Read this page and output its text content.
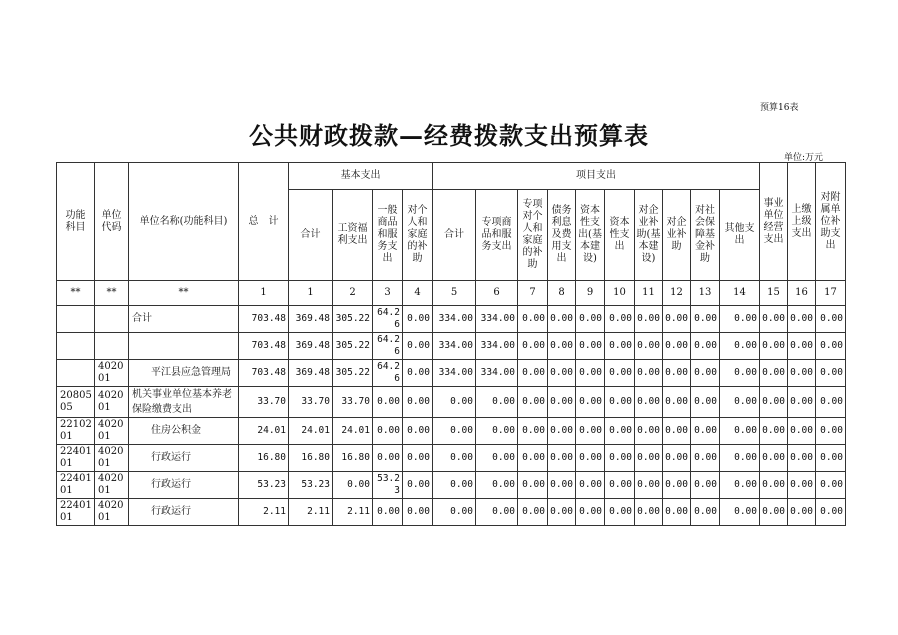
预算16表
公共财政拨款—经费拨款支出预算表
单位:万元
功能科目	单位代码	单位名称(功能科目)	总　计	基本支出				项目支出										事业单位经营支出	上缴上级支出	对附属单位补助支出
				合计	工资福利支出	一般商品和服务支出	对个人和家庭的补助	合计	专项商品和服务支出	专项对个人和家庭的补助	债务利息及费用支出	资本性支出(基本建设)	资本性支出	对企业补助(基本建设)	对企业补助	对社会保障基金补助	其他支出			
**	**	**	1	1	2	3	4	5	6	7	8	9	10	11	12	13	14	15	16	17
		合计	703.48	369.48	305.22	64.26	0.00	334.00	334.00	0.00	0.00	0.00	0.00	0.00	0.00	0.00	0.00	0.00	0.00	0.00
			703.48	369.48	305.22	64.26	0.00	334.00	334.00	0.00	0.00	0.00	0.00	0.00	0.00	0.00	0.00	0.00	0.00	0.00
	402001	平江县应急管理局	703.48	369.48	305.22	64.26	0.00	334.00	334.00	0.00	0.00	0.00	0.00	0.00	0.00	0.00	0.00	0.00	0.00	0.00
2080505	402001	机关事业单位基本养老保险缴费支出	33.70	33.70	33.70	0.00	0.00	0.00	0.00	0.00	0.00	0.00	0.00	0.00	0.00	0.00	0.00	0.00	0.00	0.00
2210201	402001	住房公积金	24.01	24.01	24.01	0.00	0.00	0.00	0.00	0.00	0.00	0.00	0.00	0.00	0.00	0.00	0.00	0.00	0.00	0.00
2240101	402001	行政运行	16.80	16.80	16.80	0.00	0.00	0.00	0.00	0.00	0.00	0.00	0.00	0.00	0.00	0.00	0.00	0.00	0.00	0.00
2240101	402001	行政运行	53.23	53.23	0.00	53.23	0.00	0.00	0.00	0.00	0.00	0.00	0.00	0.00	0.00	0.00	0.00	0.00	0.00	0.00
2240101	402001	行政运行	2.11	2.11	2.11	0.00	0.00	0.00	0.00	0.00	0.00	0.00	0.00	0.00	0.00	0.00	0.00	0.00	0.00	0.00
